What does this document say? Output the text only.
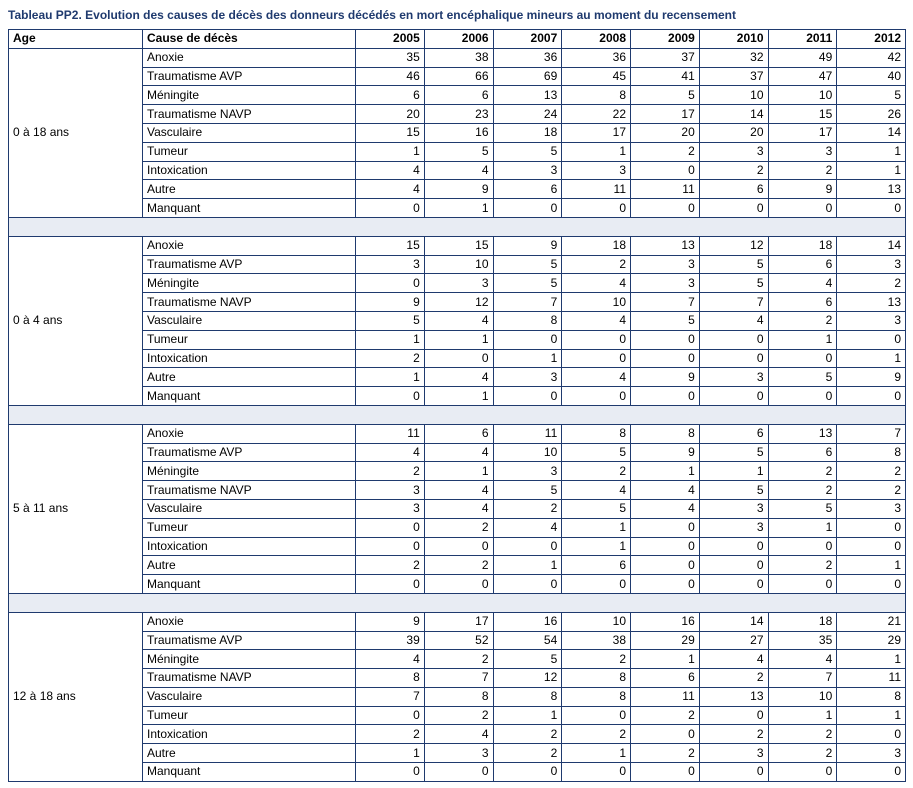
Tableau PP2. Evolution des causes de décès des donneurs décédés en mort encéphalique mineurs au moment du recensement
Age	Cause de décès	2005	2006	2007	2008	2009	2010	2011	2012
0 à 18 ans	Anoxie	35	38	36	36	37	32	49	42
	Traumatisme AVP	46	66	69	45	41	37	47	40
	Méningite	6	6	13	8	5	10	10	5
	Traumatisme NAVP	20	23	24	22	17	14	15	26
	Vasculaire	15	16	18	17	20	20	17	14
	Tumeur	1	5	5	1	2	3	3	1
	Intoxication	4	4	3	3	0	2	2	1
	Autre	4	9	6	11	11	6	9	13
	Manquant	0	1	0	0	0	0	0	0

0 à 4 ans	Anoxie	15	15	9	18	13	12	18	14
	Traumatisme AVP	3	10	5	2	3	5	6	3
	Méningite	0	3	5	4	3	5	4	2
	Traumatisme NAVP	9	12	7	10	7	7	6	13
	Vasculaire	5	4	8	4	5	4	2	3
	Tumeur	1	1	0	0	0	0	1	0
	Intoxication	2	0	1	0	0	0	0	1
	Autre	1	4	3	4	9	3	5	9
	Manquant	0	1	0	0	0	0	0	0

5 à 11 ans	Anoxie	11	6	11	8	8	6	13	7
	Traumatisme AVP	4	4	10	5	9	5	6	8
	Méningite	2	1	3	2	1	1	2	2
	Traumatisme NAVP	3	4	5	4	4	5	2	2
	Vasculaire	3	4	2	5	4	3	5	3
	Tumeur	0	2	4	1	0	3	1	0
	Intoxication	0	0	0	1	0	0	0	0
	Autre	2	2	1	6	0	0	2	1
	Manquant	0	0	0	0	0	0	0	0

12 à 18 ans	Anoxie	9	17	16	10	16	14	18	21
	Traumatisme AVP	39	52	54	38	29	27	35	29
	Méningite	4	2	5	2	1	4	4	1
	Traumatisme NAVP	8	7	12	8	6	2	7	11
	Vasculaire	7	8	8	8	11	13	10	8
	Tumeur	0	2	1	0	2	0	1	1
	Intoxication	2	4	2	2	0	2	2	0
	Autre	1	3	2	1	2	3	2	3
	Manquant	0	0	0	0	0	0	0	0
